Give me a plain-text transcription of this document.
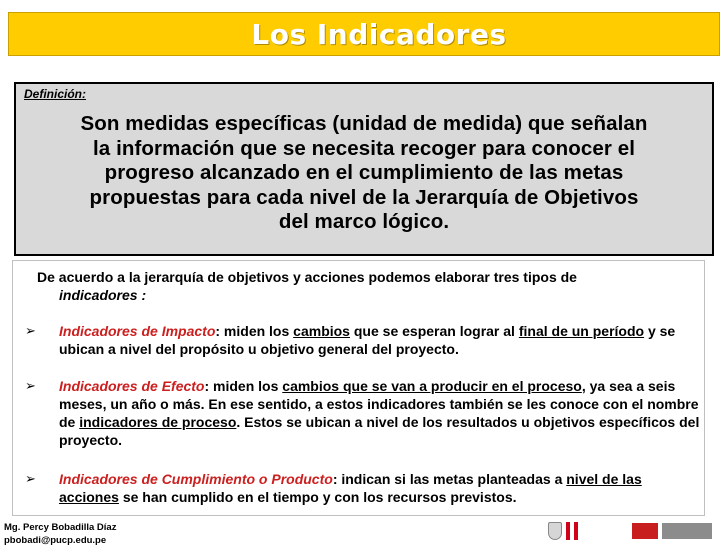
Los Indicadores
Definición:
Son medidas específicas (unidad de medida) que señalan
la información que se necesita recoger para conocer el
progreso alcanzado en el cumplimiento de las metas
propuestas para cada nivel de la Jerarquía de Objetivos
del marco lógico.
De acuerdo a la jerarquía de objetivos y acciones podemos elaborar tres tipos de
indicadores :
➢ Indicadores de Impacto: miden los cambios que se esperan lograr al final de un período y se ubican a nivel del propósito u objetivo general del proyecto.
➢ Indicadores de Efecto: miden los cambios que se van a producir en el proceso, ya sea a seis meses, un año o más. En ese sentido, a estos indicadores también se les conoce con el nombre de indicadores de proceso. Estos se ubican a nivel de los resultados u objetivos específicos del proyecto.
➢ Indicadores de Cumplimiento o Producto: indican si las metas planteadas a nivel de las acciones se han cumplido en el tiempo y con los recursos previstos.
Mg. Percy Bobadilla Díaz
pbobadi@pucp.edu.pe
